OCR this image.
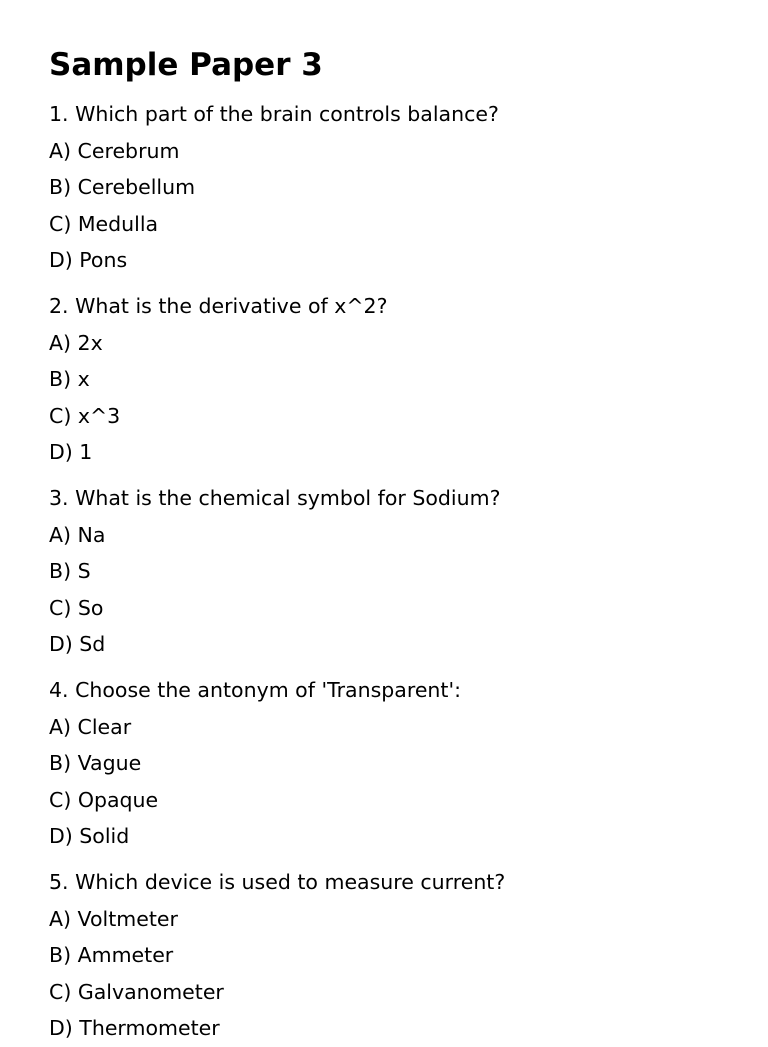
Sample Paper 3
1. Which part of the brain controls balance?
A) Cerebrum
B) Cerebellum
C) Medulla
D) Pons
2. What is the derivative of x^2?
A) 2x
B) x
C) x^3
D) 1
3. What is the chemical symbol for Sodium?
A) Na
B) S
C) So
D) Sd
4. Choose the antonym of 'Transparent':
A) Clear
B) Vague
C) Opaque
D) Solid
5. Which device is used to measure current?
A) Voltmeter
B) Ammeter
C) Galvanometer
D) Thermometer
